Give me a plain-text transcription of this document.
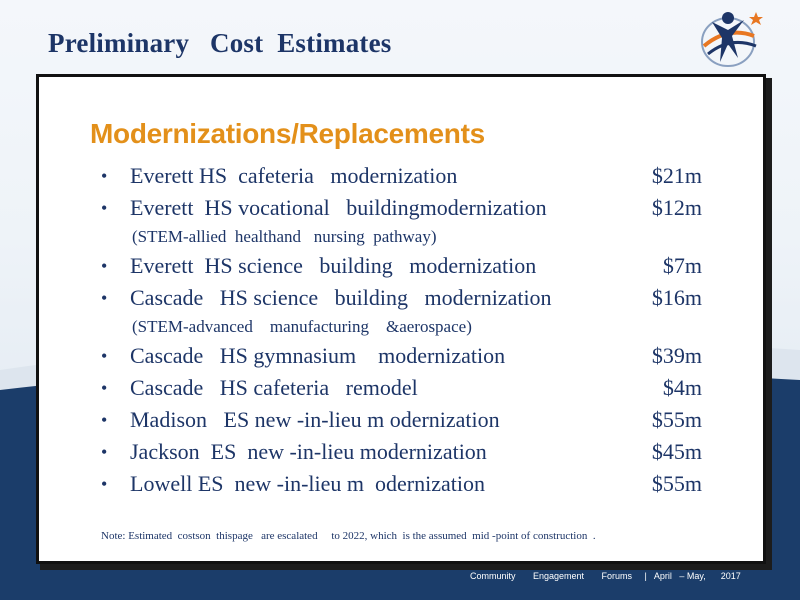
Preliminary   Cost  Estimates
Modernizations/Replacements
• Everett HS  cafeteria   modernization	$21m
• Everett  HS vocational   buildingmodernization	$12m
(STEM-allied  healthand   nursing  pathway)
• Everett  HS science   building   modernization	$7m
• Cascade   HS science   building   modernization	$16m
(STEM-advanced    manufacturing    &aerospace)
• Cascade   HS gymnasium    modernization	$39m
• Cascade   HS cafeteria   remodel	$4m
• Madison   ES new -in-lieu m odernization	$55m
• Jackson  ES  new -in-lieu modernization	$45m
• Lowell ES  new -in-lieu m  odernization	$55m
Note: Estimated  costson  thispage   are escalated     to 2022, which  is the assumed  mid -point of construction  .
Community       Engagement       Forums     |   April   – May,      2017
